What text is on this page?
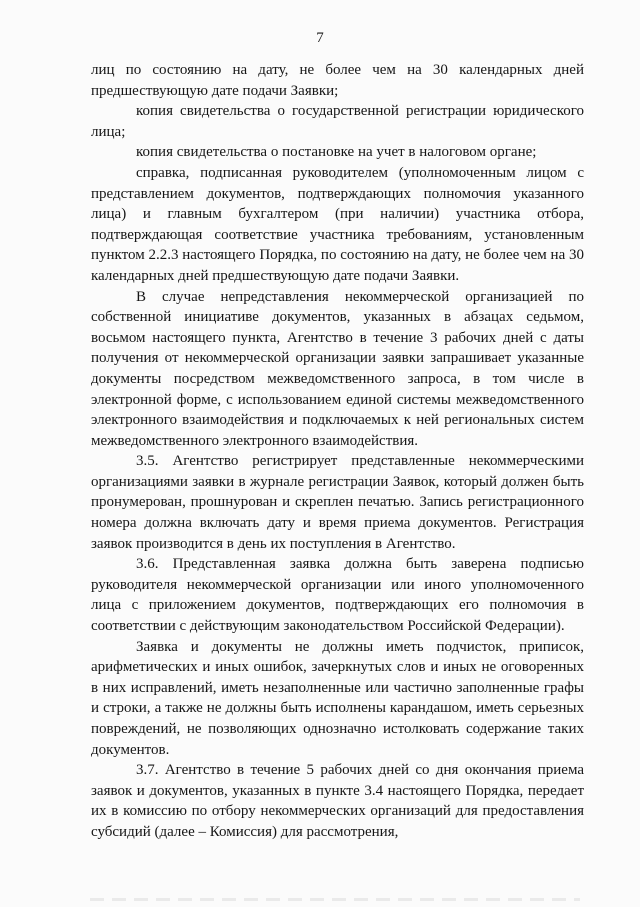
7

лиц по состоянию на дату, не более чем на 30 календарных дней предшествующую дате подачи Заявки;

копия свидетельства о государственной регистрации юридического лица;

копия свидетельства о постановке на учет в налоговом органе;

справка, подписанная руководителем (уполномоченным лицом с представлением документов, подтверждающих полномочия указанного лица) и главным бухгалтером (при наличии) участника отбора, подтверждающая соответствие участника требованиям, установленным пунктом 2.2.3 настоящего Порядка, по состоянию на дату, не более чем на 30 календарных дней предшествующую дате подачи Заявки.

В случае непредставления некоммерческой организацией по собственной инициативе документов, указанных в абзацах седьмом, восьмом настоящего пункта, Агентство в течение 3 рабочих дней с даты получения от некоммерческой организации заявки запрашивает указанные документы посредством межведомственного запроса, в том числе в электронной форме, с использованием единой системы межведомственного электронного взаимодействия и подключаемых к ней региональных систем межведомственного электронного взаимодействия.

3.5. Агентство регистрирует представленные некоммерческими организациями заявки в журнале регистрации Заявок, который должен быть пронумерован, прошнурован и скреплен печатью. Запись регистрационного номера должна включать дату и время приема документов. Регистрация заявок производится в день их поступления в Агентство.

3.6. Представленная заявка должна быть заверена подписью руководителя некоммерческой организации или иного уполномоченного лица с приложением документов, подтверждающих его полномочия в соответствии с действующим законодательством Российской Федерации).

Заявка и документы не должны иметь подчисток, приписок, арифметических и иных ошибок, зачеркнутых слов и иных не оговоренных в них исправлений, иметь незаполненные или частично заполненные графы и строки, а также не должны быть исполнены карандашом, иметь серьезных повреждений, не позволяющих однозначно истолковать содержание таких документов.

3.7. Агентство в течение 5 рабочих дней со дня окончания приема заявок и документов, указанных в пункте 3.4 настоящего Порядка, передает их в комиссию по отбору некоммерческих организаций для предоставления субсидий (далее – Комиссия) для рассмотрения,
